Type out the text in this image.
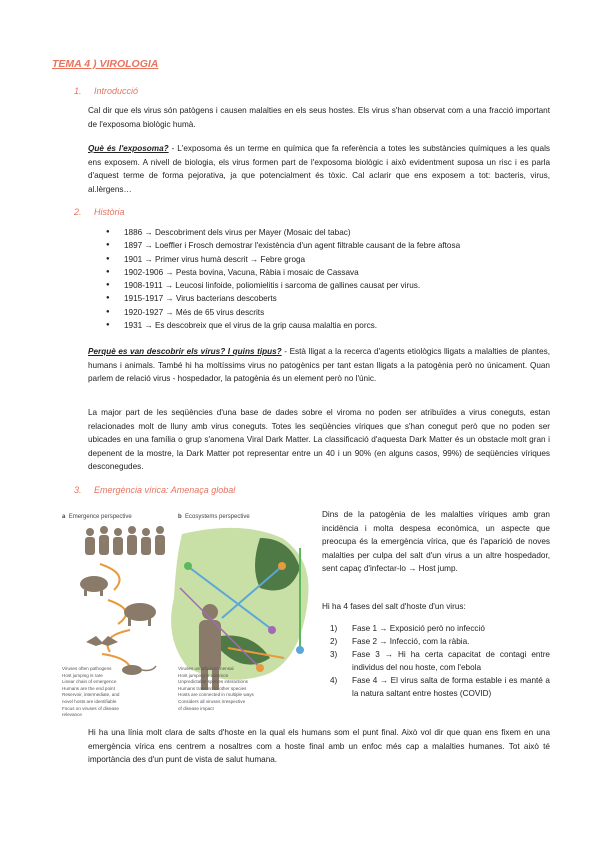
TEMA 4 ) VIROLOGIA
1. Introducció
Cal dir que els virus són patògens i causen malalties en els seus hostes. Els virus s'han observat com a una fracció important de l'exposoma biològic humà.
Què és l'exposoma? - L'exposoma és un terme en química que fa referència a totes les substàncies químiques a les quals ens exposem. A nivell de biologia, els virus formen part de l'exposoma biològic i això evidentment suposa un risc i es parla d'aquest terme de forma pejorativa, ja que potencialment és tòxic. Cal aclarir que ens exposem a tot: bacteris, virus, al.lèrgens…
2. Història
● 1886 → Descobriment dels virus per Mayer (Mosaic del tabac)
● 1897 → Loeffler i Frosch demostrar l'existència d'un agent filtrable causant de la febre aftosa
● 1901 → Primer virus humà descrit → Febre groga
● 1902-1906 → Pesta bovina, Vacuna, Ràbia i mosaic de Cassava
● 1908-1911 → Leucosi linfoide, poliomielitis i sarcoma de gallines causat per virus.
● 1915-1917 → Virus bacterians descoberts
● 1920-1927 → Més de 65 virus descrits
● 1931 → Es descobreix que el virus de la grip causa malaltia en porcs.
Perquè es van descobrir els virus? I quins tipus? - Està lligat a la recerca d'agents etiològics lligats a malalties de plantes, humans i animals. També hi ha moltíssims virus no patogènics per tant estan lligats a la patogènia però no únicament. Quan parlem de relació virus - hospedador, la patogènia és un element però no l'únic.
La major part de les seqüències d'una base de dades sobre el viroma no poden ser atribuïdes a virus coneguts, estan relacionades molt de lluny amb virus coneguts. Totes les seqüències víriques que s'han conegut però que no poden ser ubicades en una família o grup s'anomena Viral Dark Matter. La classificació d'aquesta Dark Matter és un obstacle molt gran i depenent de la mostre, la Dark Matter pot representar entre un 40 i un 90% (en alguns casos, 99%) de seqüències víriques desconegudes.
3. Emergència vírica: Amenaça global
a Emergence perspective	b Ecosystems perspective
Viruses often pathogens
Host jumping is rare
Linear chain of emergence
Humans are the end point
Reservoir, intermediate, and
novel hosts are identifiable
Focus on viruses of disease
relevance
Viruses usually commensal
Host jumping is common
Unpredictable species interactions
Humans transmit to other species
Hosts are connected in multiple ways
Considers all viruses irrespective
of disease impact
Dins de la patogènia de les malalties víriques amb gran incidència i molta despesa econòmica, un aspecte que preocupa és la emergència vírica, que és l'aparició de noves malalties per culpa del salt d'un virus a un altre hospedador, sent capaç d'infectar-lo → Host jump.
Hi ha 4 fases del salt d'hoste d'un virus:
1) Fase 1 → Exposició però no infecció
2) Fase 2 → Infecció, com la ràbia.
3) Fase 3 → Hi ha certa capacitat de contagi entre individus del nou hoste, com l'ebola
4) Fase 4 → El virus salta de forma estable i es manté a la natura saltant entre hostes (COVID)
Hi ha una línia molt clara de salts d'hoste en la qual els humans som el punt final. Això vol dir que quan ens fixem en una emergència vírica ens centrem a nosaltres com a hoste final amb un enfoc més cap a malalties humanes. Tot això té importància des d'un punt de vista de salut humana.
